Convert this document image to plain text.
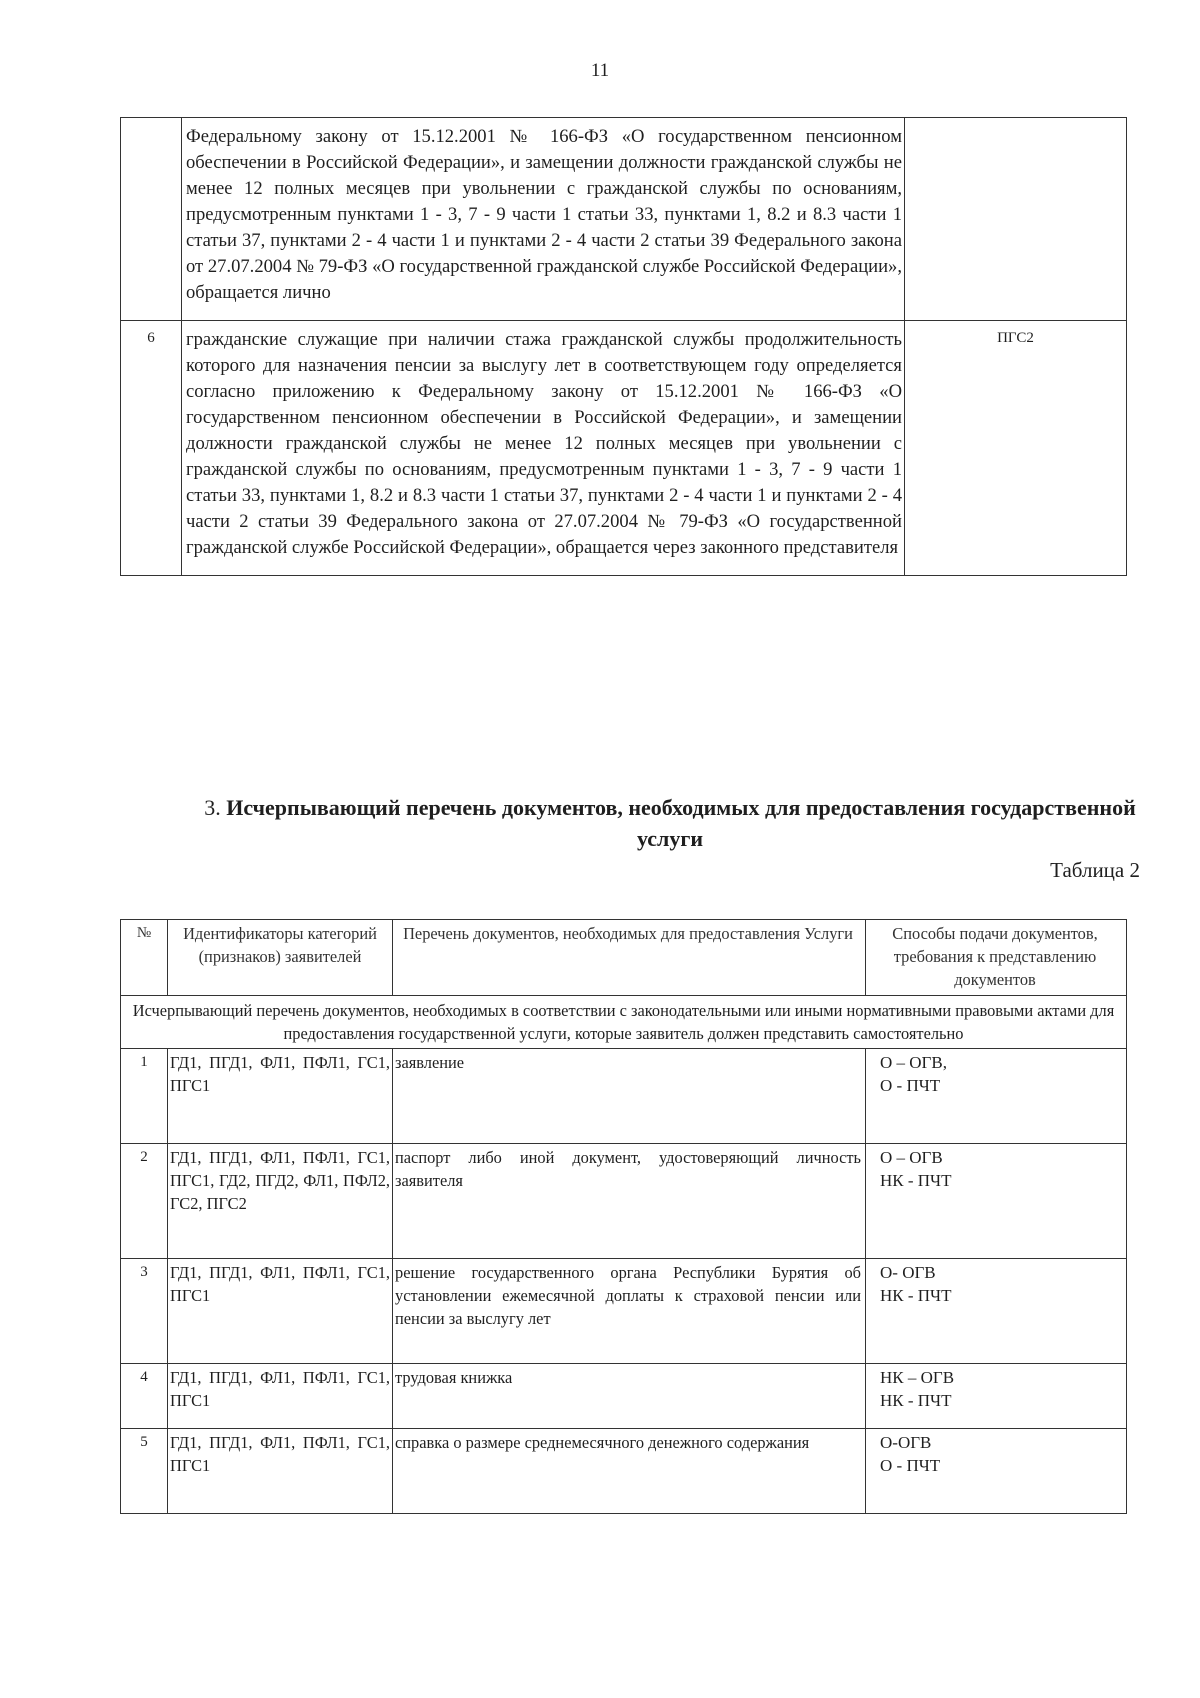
11
	Федеральному закону от 15.12.2001 № 166-ФЗ «О государственном пенсионном обеспечении в Российской Федерации», и замещении должности гражданской службы не менее 12 полных месяцев при увольнении с гражданской службы по основаниям, предусмотренным пунктами 1 - 3, 7 - 9 части 1 статьи 33, пунктами 1, 8.2 и 8.3 части 1 статьи 37, пунктами 2 - 4 части 1 и пунктами 2 - 4 части 2 статьи 39 Федерального закона от 27.07.2004 № 79-ФЗ «О государственной гражданской службе Российской Федерации», обращается лично	
6	гражданские служащие при наличии стажа гражданской службы продолжительность которого для назначения пенсии за выслугу лет в соответствующем году определяется согласно приложению к Федеральному закону от 15.12.2001 № 166-ФЗ «О государственном пенсионном обеспечении в Российской Федерации», и замещении должности гражданской службы не менее 12 полных месяцев при увольнении с гражданской службы по основаниям, предусмотренным пунктами 1 - 3, 7 - 9 части 1 статьи 33, пунктами 1, 8.2 и 8.3 части 1 статьи 37, пунктами 2 - 4 части 1 и пунктами 2 - 4 части 2 статьи 39 Федерального закона от 27.07.2004 № 79-ФЗ «О государственной гражданской службе Российской Федерации», обращается через законного представителя	ПГС2
3. Исчерпывающий перечень документов, необходимых для предоставления государственной услуги
Таблица 2
№	Идентификаторы категорий (признаков) заявителей	Перечень документов, необходимых для предоставления Услуги	Способы подачи документов, требования к представлению документов
Исчерпывающий перечень документов, необходимых в соответствии с законодательными или иными нормативными правовыми актами для предоставления государственной услуги, которые заявитель должен представить самостоятельно			
1	ГД1, ПГД1, ФЛ1, ПФЛ1, ГС1, ПГС1	заявление	О – ОГВ,
О - ПЧТ

2	ГД1, ПГД1, ФЛ1, ПФЛ1, ГС1, ПГС1, ГД2, ПГД2, ФЛ1, ПФЛ2, ГС2, ПГС2	паспорт либо иной документ, удостоверяющий личность заявителя	О – ОГВ
НК - ПЧТ

3	ГД1, ПГД1, ФЛ1, ПФЛ1, ГС1, ПГС1	решение государственного органа Республики Бурятия об установлении ежемесячной доплаты к страховой пенсии или пенсии за выслугу лет	О- ОГВ
НК - ПЧТ

4	ГД1, ПГД1, ФЛ1, ПФЛ1, ГС1, ПГС1	трудовая книжка	НК – ОГВ
НК - ПЧТ

5	ГД1, ПГД1, ФЛ1, ПФЛ1, ГС1, ПГС1	справка о размере среднемесячного денежного содержания	О-ОГВ
О - ПЧТ
